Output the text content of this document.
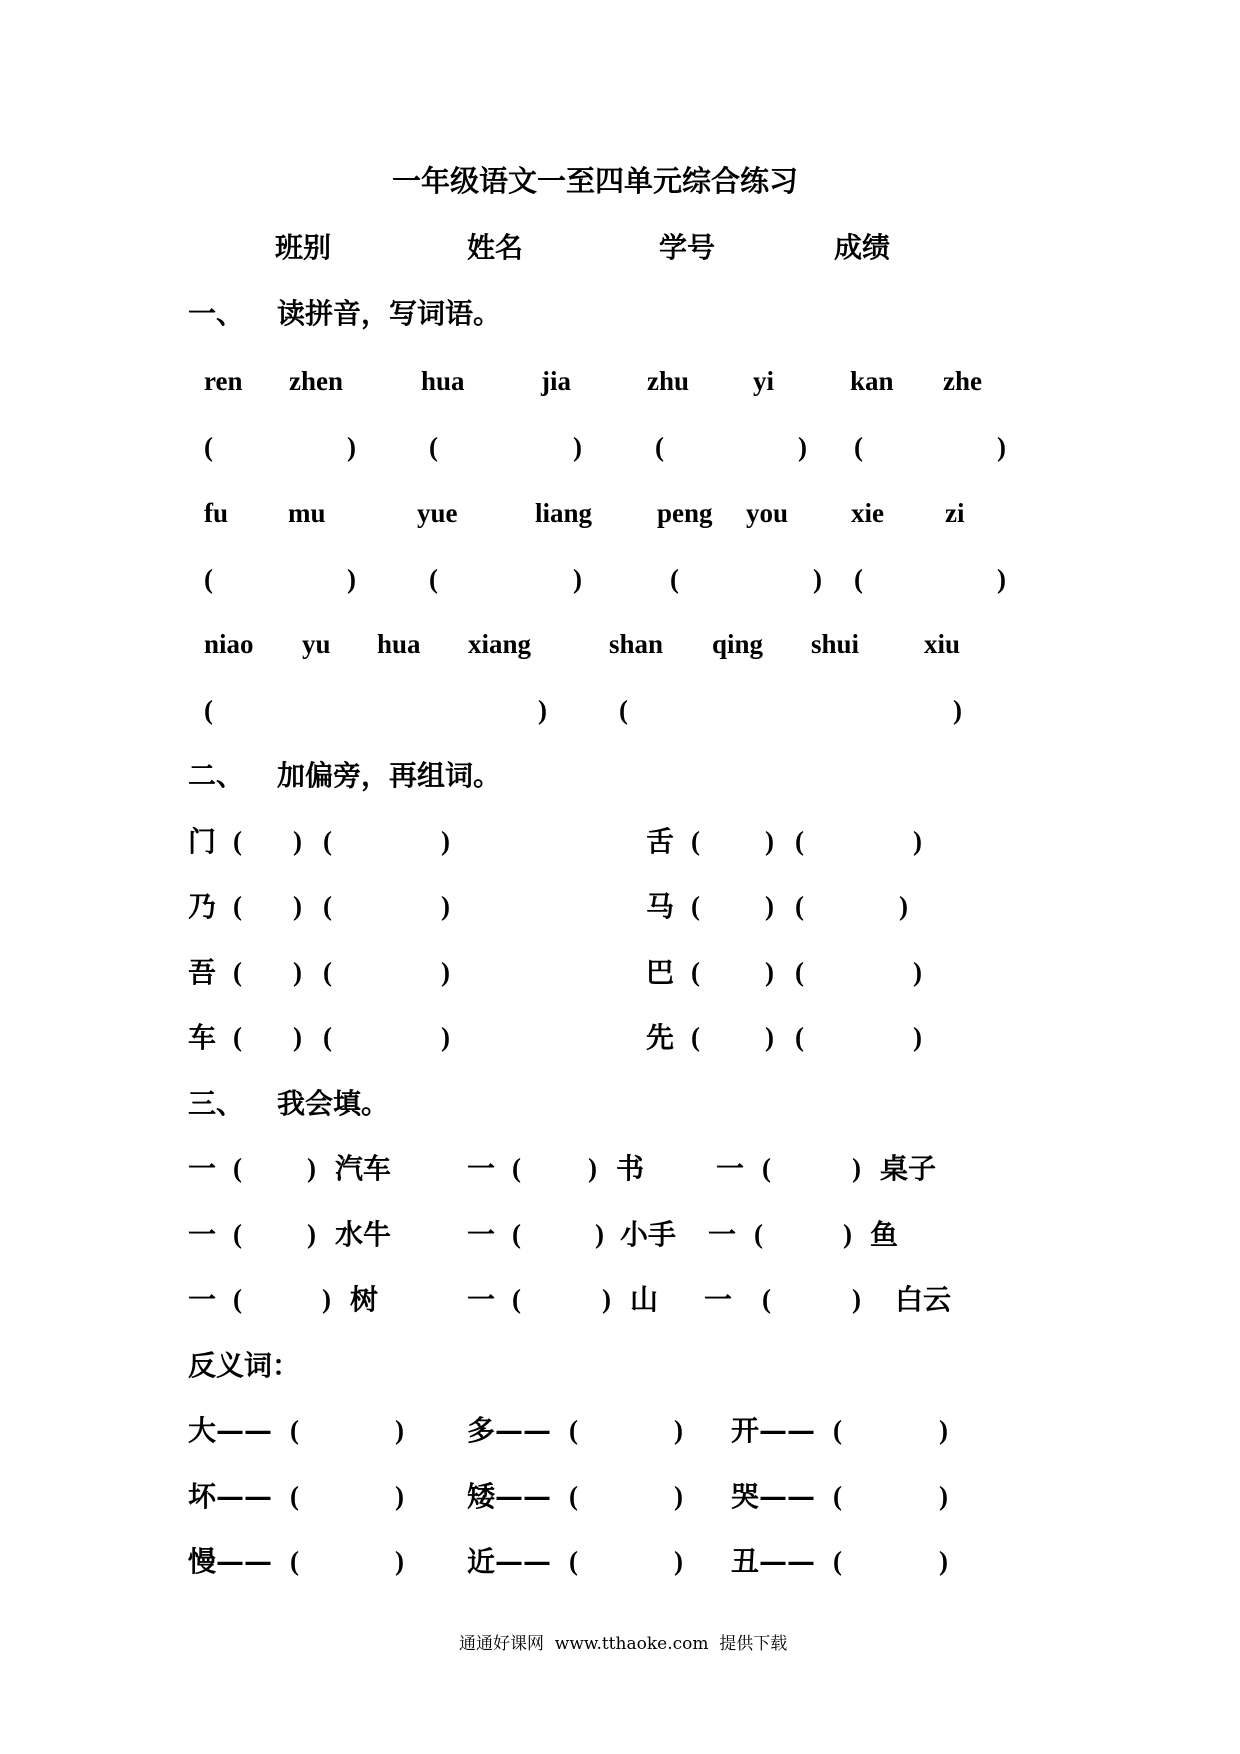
一年级语文一至四单元综合练习
班别	姓名	学号	成绩
一、 读拼音，写词语。
ren zhen	hua	jia	zhu yi	kan zhe
(	)	(	)	(	) (	)
fu mu	yue	liang peng you xie zi
(	)	(	)	(	) (	)
niao yu hua xiang	shan qing shui xiu
(	)	(	)
二、 加偏旁，再组词。
门 ( ) (	)	舌 ( ) (	)
乃 ( ) (	)	马 ( ) (	)
吾 ( ) (	)	巴 ( ) (	)
车 ( ) (	)	先 ( ) (	)
三、 我会填。
一 ( ) 汽车	一 ( ) 书	一 (	) 桌子
一 ( ) 水牛	一 (	) 小手 一 (	) 鱼
一 (	) 树	一 (	) 山 一 (	) 白云
反义词：
大 —— (	) 多 —— (	) 开 —— (	)
坏 —— (	) 矮 —— (	) 哭 —— (	)
慢 —— (	) 近 —— (	) 丑 —— (	)
通通好课网  www.tthaoke.com  提供下载
